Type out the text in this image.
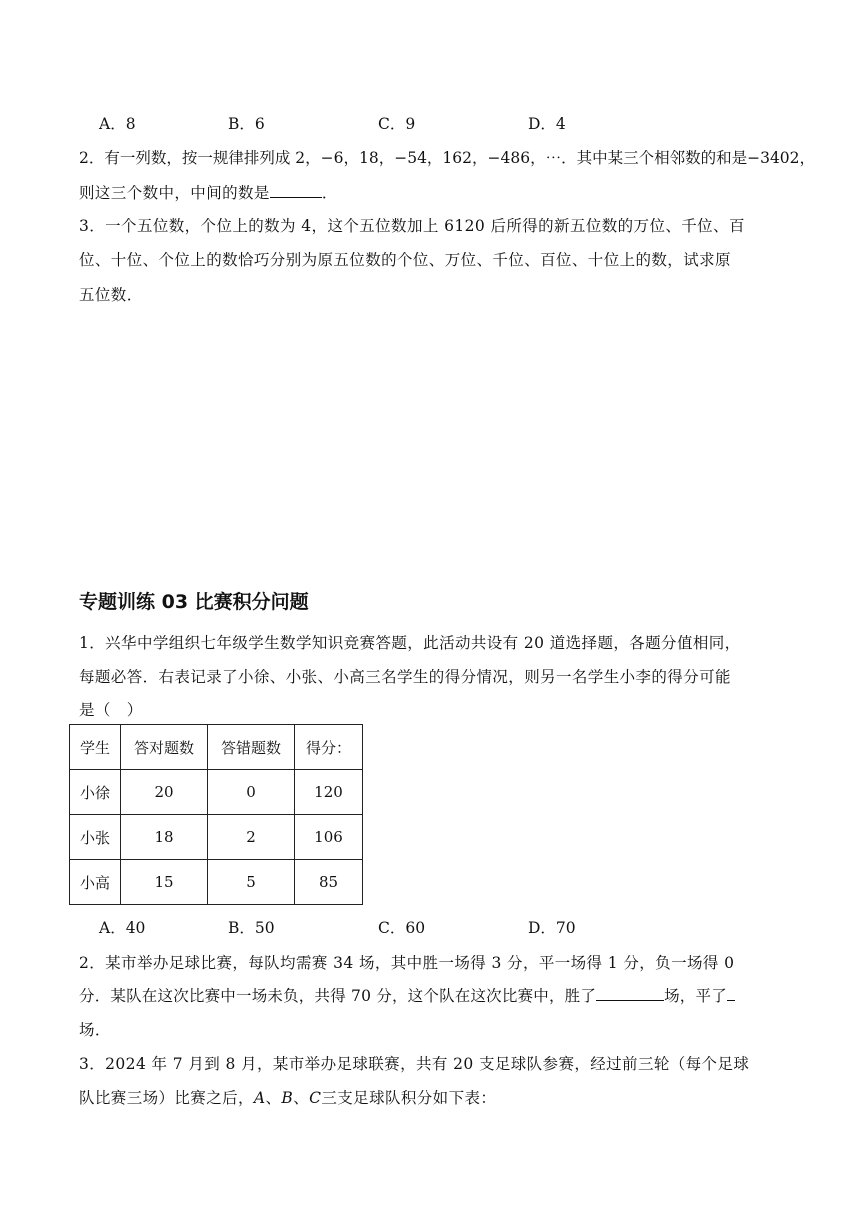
A．8	B．6	C．9	D．4
2．有一列数，按一规律排列成 2，−6，18，−54，162，−486，⋯．其中某三个相邻数的和是−3402，
则这三个数中，中间的数是	．
3．一个五位数，个位上的数为 4，这个五位数加上 6120 后所得的新五位数的万位、千位、百
位、十位、个位上的数恰巧分别为原五位数的个位、万位、千位、百位、十位上的数，试求原
五位数．
专题训练 03 比赛积分问题
1．兴华中学组织七年级学生数学知识竞赛答题，此活动共设有 20 道选择题，各题分值相同，
每题必答．右表记录了小徐、小张、小高三名学生的得分情况，则另一名学生小李的得分可能
是（　）
学生	答对题数	答错题数	得分：
小徐	20	0	120
小张	18	2	106
小高	15	5	85
A．40	B．50	C．60	D．70
2．某市举办足球比赛，每队均需赛 34 场，其中胜一场得 3 分，平一场得 1 分，负一场得 0
分．某队在这次比赛中一场未负，共得 70 分，这个队在这次比赛中，胜了	场，平了
场．
3．2024 年 7 月到 8 月，某市举办足球联赛，共有 20 支足球队参赛，经过前三轮（每个足球
队比赛三场）比赛之后，A、B、C三支足球队积分如下表：
